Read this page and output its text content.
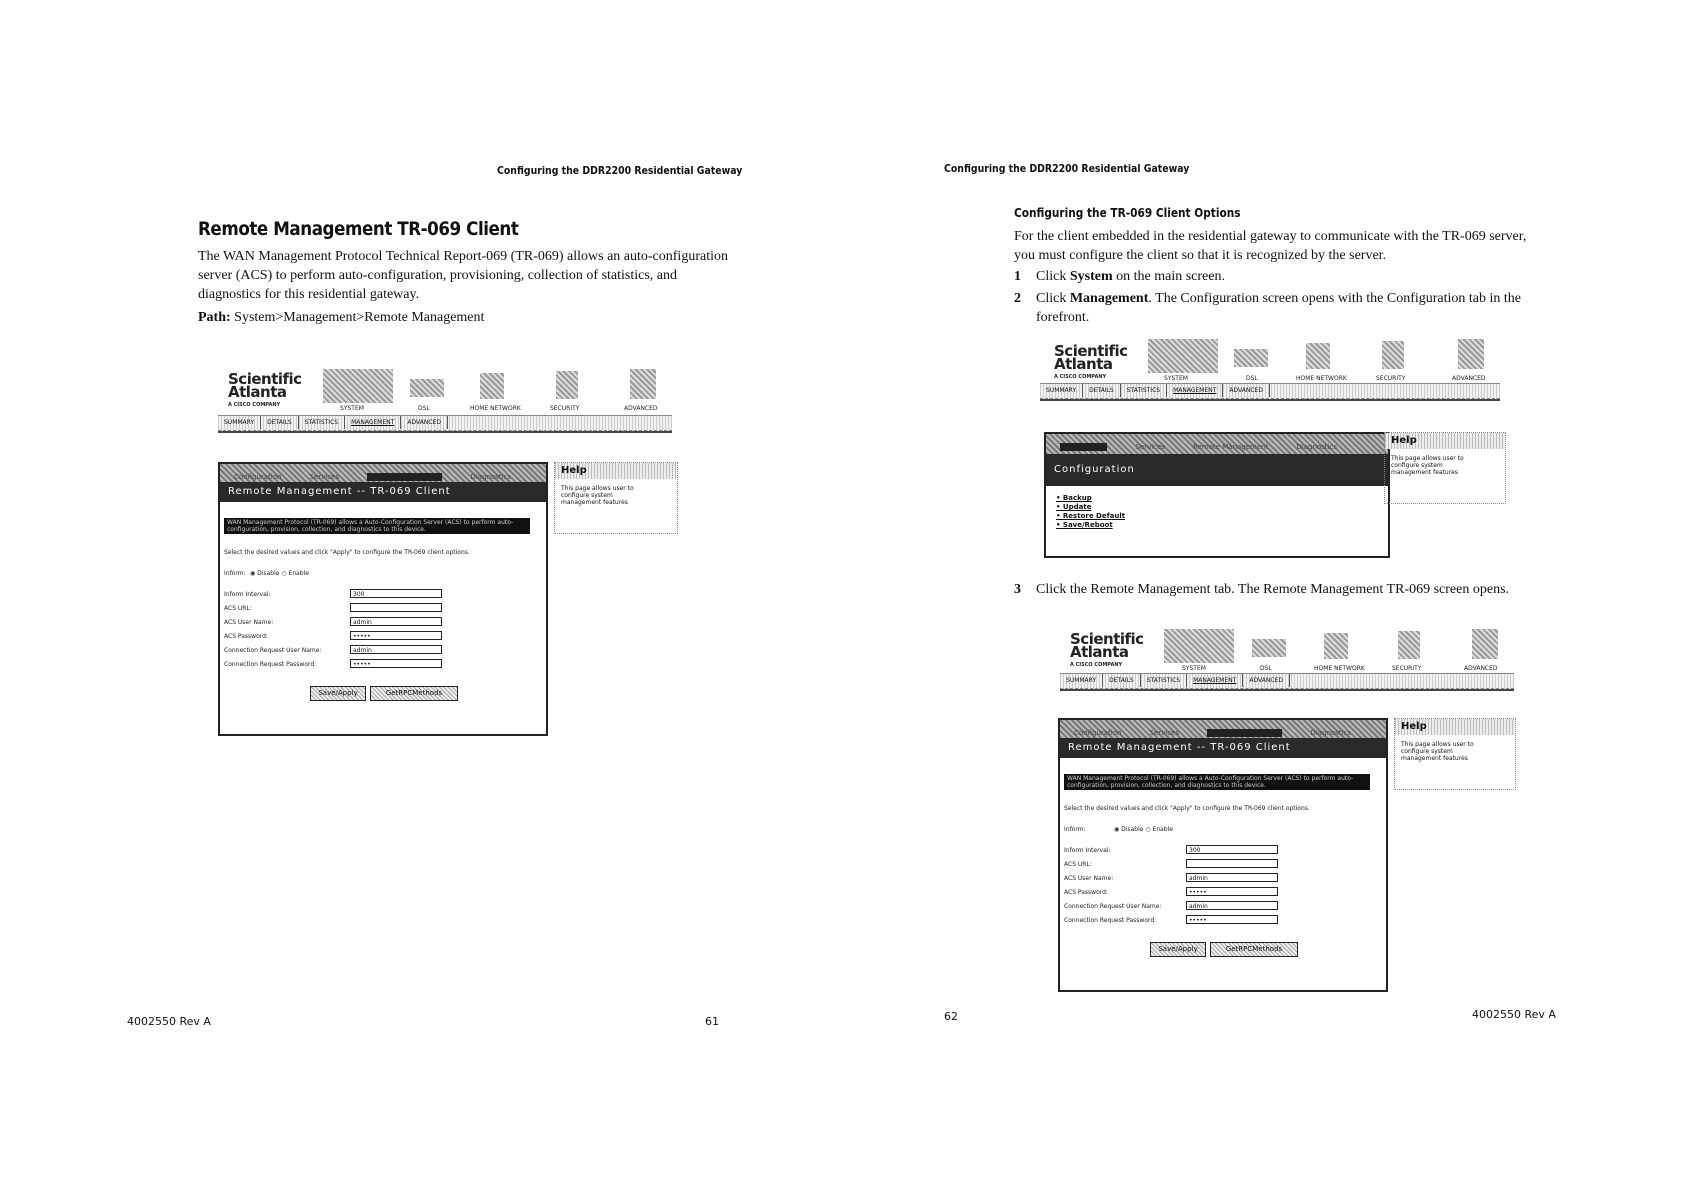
Configuring the DDR2200 Residential Gateway
Remote Management TR-069 Client
The WAN Management Protocol Technical Report-069 (TR-069) allows an auto-configuration server (ACS) to perform auto-configuration, provisioning, collection of statistics, and diagnostics for this residential gateway.
Path: System>Management>Remote Management
Scientific
Atlanta
A CISCO COMPANY	SYSTEM	DSL	HOME NETWORK	SECURITY	ADVANCED
SUMMARY DETAILS STATISTICS MANAGEMENT ADVANCED
Configuration	Services	Remote Management	Diagnostics
Remote Management -- TR-069 Client
WAN Management Protocol (TR-069) allows a Auto-Configuration Server (ACS) to perform auto-configuration, provision, collection, and diagnostics to this device.
Select the desired values and click "Apply" to configure the TR-069 client options.
Inform: ◉ Disable ○ Enable
Inform Interval:	300
ACS URL:
ACS User Name:	admin
ACS Password:	•••••
Connection Request User Name:	admin
Connection Request Password:	•••••
Save/Apply	GetRPCMethods
Help
This page allows user to
configure system
management features
4002550 Rev A	61
Configuring the DDR2200 Residential Gateway
Configuring the TR-069 Client Options
For the client embedded in the residential gateway to communicate with the TR-069 server, you must configure the client so that it is recognized by the server.
1 Click System on the main screen.
2 Click Management. The Configuration screen opens with the Configuration tab in the forefront.
Scientific
Atlanta
A CISCO COMPANY	SYSTEM	DSL	HOME NETWORK	SECURITY	ADVANCED
SUMMARY DETAILS STATISTICS MANAGEMENT ADVANCED
Configuration	Services	Remote Management	Diagnostics
Configuration
• Backup
• Update
• Restore Default
• Save/Reboot
Help
This page allows user to
configure system
management features
3 Click the Remote Management tab. The Remote Management TR-069 screen opens.
Scientific
Atlanta
A CISCO COMPANY	SYSTEM	DSL	HOME NETWORK	SECURITY	ADVANCED
SUMMARY DETAILS STATISTICS MANAGEMENT ADVANCED
Configuration	Services	Remote Management	Diagnostics
Remote Management -- TR-069 Client
WAN Management Protocol (TR-069) allows a Auto-Configuration Server (ACS) to perform auto-configuration, provision, collection, and diagnostics to this device.
Select the desired values and click "Apply" to configure the TR-069 client options.
Inform:	◉ Disable ○ Enable
Inform Interval:	300
ACS URL:
ACS User Name:	admin
ACS Password:	•••••
Connection Request User Name:	admin
Connection Request Password:	•••••
Save/Apply	GetRPCMethods
Help
This page allows user to
configure system
management features
62	4002550 Rev A
